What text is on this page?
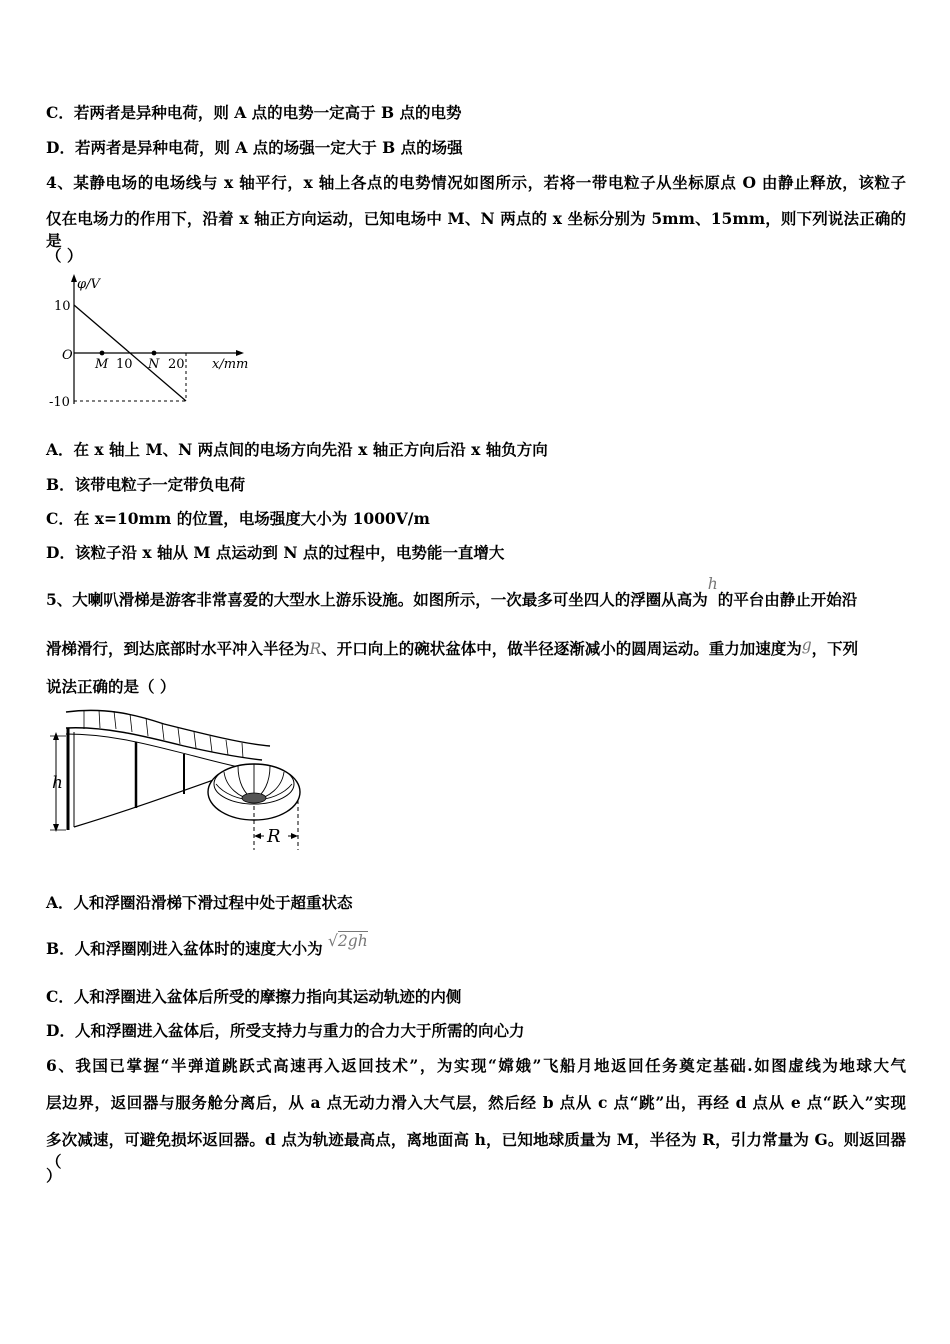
C．若两者是异种电荷，则 A 点的电势一定高于 B 点的电势
D．若两者是异种电荷，则 A 点的场强一定大于 B 点的场强
4、某静电场的电场线与 x 轴平行，x 轴上各点的电势情况如图所示，若将一带电粒子从坐标原点 O 由静止释放，该粒子
仅在电场力的作用下，沿着 x 轴正方向运动，已知电场中 M、N 两点的 x 坐标分别为 5mm、15mm，则下列说法正确的是
（ ）
φ/V
O
10
-10
M 10 N 20 x/mm
A．在 x 轴上 M、N 两点间的电场方向先沿 x 轴正方向后沿 x 轴负方向
B．该带电粒子一定带负电荷
C．在 x=10mm 的位置，电场强度大小为 1000V/m
D．该粒子沿 x 轴从 M 点运动到 N 点的过程中，电势能一直增大
5、大喇叭滑梯是游客非常喜爱的大型水上游乐设施。如图所示，一次最多可坐四人的浮圈从高为h的平台由静止开始沿
滑梯滑行，到达底部时水平冲入半径为R、开口向上的碗状盆体中，做半径逐渐减小的圆周运动。重力加速度为g，下列
说法正确的是（ ）
h
R
A．人和浮圈沿滑梯下滑过程中处于超重状态
B．人和浮圈刚进入盆体时的速度大小为 √2gh
C．人和浮圈进入盆体后所受的摩擦力指向其运动轨迹的内侧
D．人和浮圈进入盆体后，所受支持力与重力的合力大于所需的向心力
6、我国已掌握“半弹道跳跃式高速再入返回技术”，为实现“嫦娥”飞船月地返回任务奠定基础.如图虚线为地球大气
层边界，返回器与服务舱分离后，从 a 点无动力滑入大气层，然后经 b 点从 c 点“跳”出，再经 d 点从 e 点“跃入”实现
多次减速，可避免损坏返回器。d 点为轨迹最高点，离地面高 h，已知地球质量为 M，半径为 R，引力常量为 G。则返回器（
）
